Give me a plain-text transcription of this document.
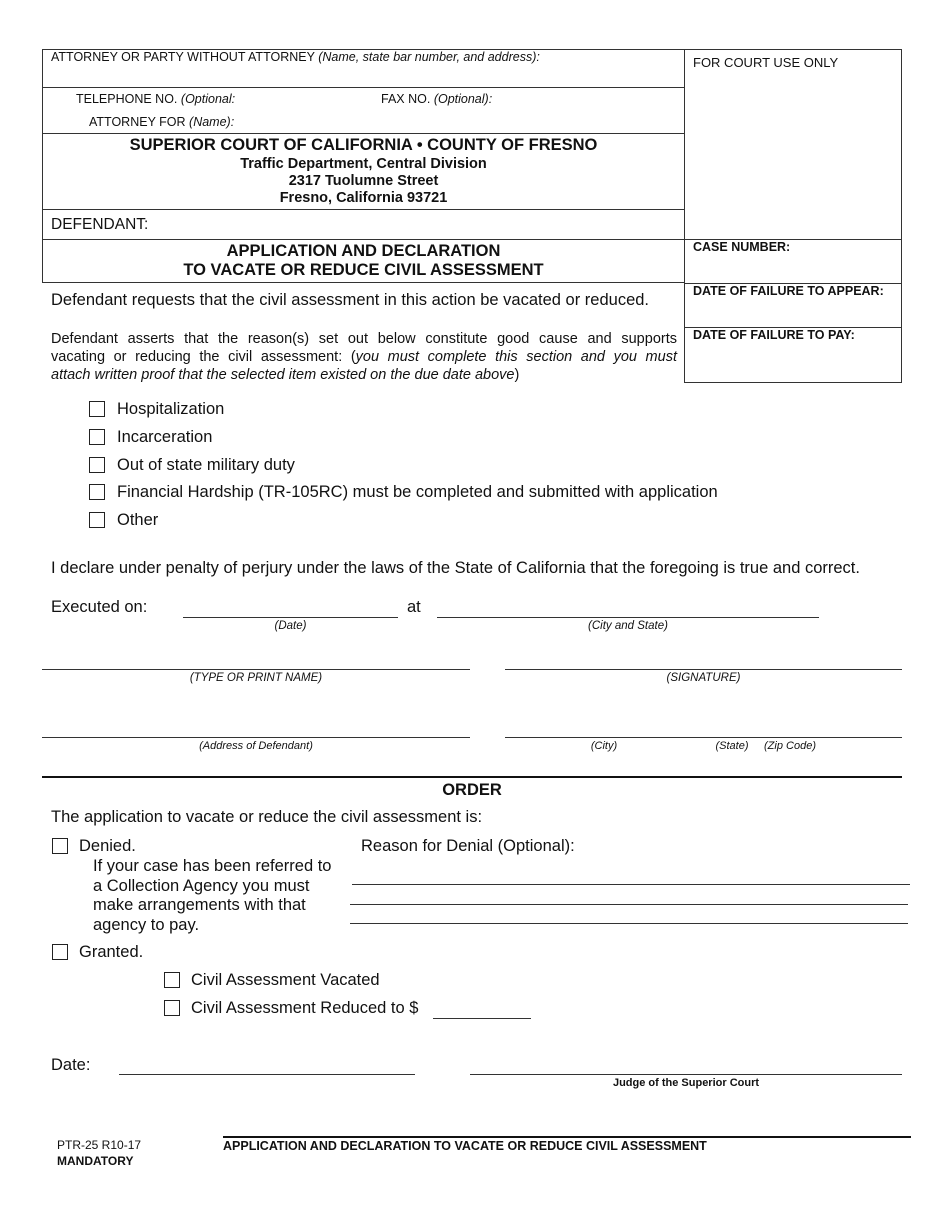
ATTORNEY OR PARTY WITHOUT ATTORNEY (Name, state bar number, and address):
TELEPHONE NO. (Optional:	FAX NO. (Optional):
ATTORNEY FOR (Name):
FOR COURT USE ONLY
SUPERIOR COURT OF CALIFORNIA • COUNTY OF FRESNO
Traffic Department, Central Division
2317 Tuolumne Street
Fresno, California 93721
DEFENDANT:
APPLICATION AND DECLARATION
TO VACATE OR REDUCE CIVIL ASSESSMENT
CASE NUMBER:
DATE OF FAILURE TO APPEAR:
DATE OF FAILURE TO PAY:
Defendant requests that the civil assessment in this action be vacated or reduced.
Defendant asserts that the reason(s) set out below constitute good cause and supports
vacating or reducing the civil assessment: (you must complete this section and you must
attach written proof that the selected item existed on the due date above)
Hospitalization
Incarceration
Out of state military duty
Financial Hardship (TR-105RC) must be completed and submitted with application
Other
I declare under penalty of perjury under the laws of the State of California that the foregoing is true and correct.
Executed on:	at
(Date)	(City and State)
(TYPE OR PRINT NAME)	(SIGNATURE)
(Address of Defendant)	(City)	(State)	(Zip Code)
ORDER
The application to vacate or reduce the civil assessment is:
Denied.
If your case has been referred to
a Collection Agency you must
make arrangements with that
agency to pay.
Reason for Denial (Optional):
Granted.
Civil Assessment Vacated
Civil Assessment Reduced to $
Date:
Judge of the Superior Court
PTR-25 R10-17
MANDATORY
APPLICATION AND DECLARATION TO VACATE OR REDUCE CIVIL ASSESSMENT
